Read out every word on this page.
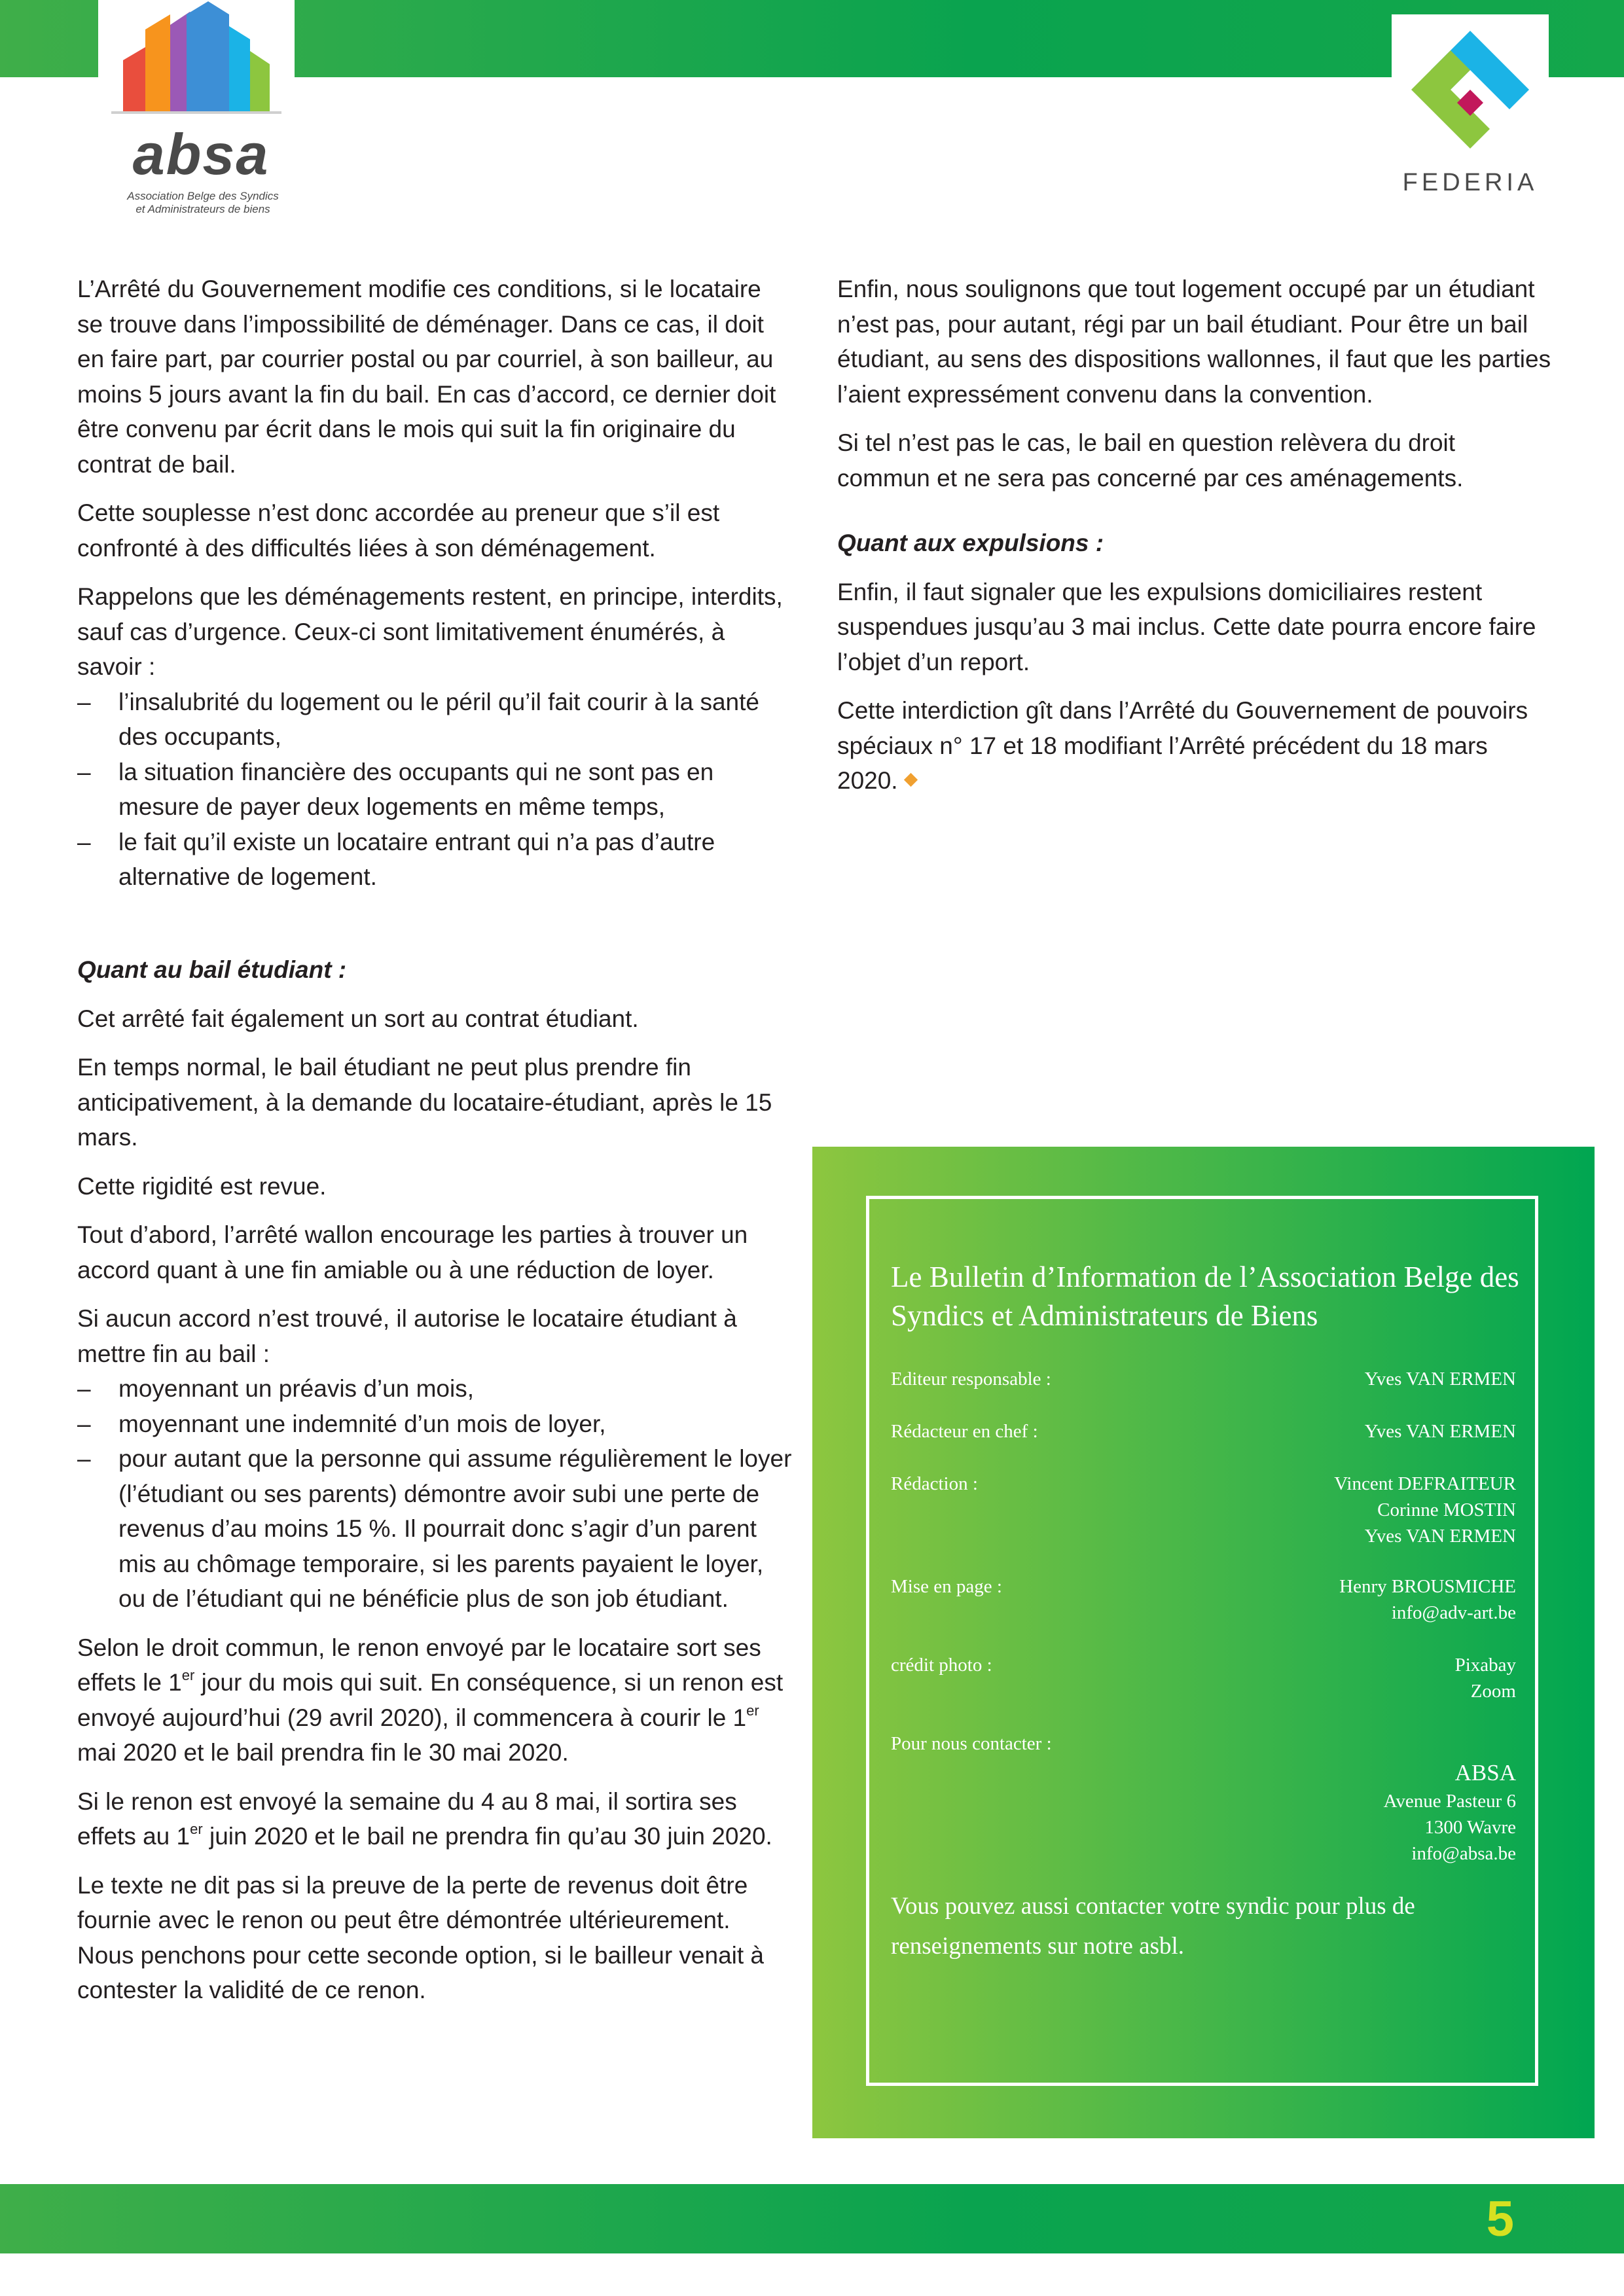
absa
Association Belge des Syndics
et Administrateurs de biens
FEDERIA

L’Arrêté du Gouvernement modifie ces conditions, si le locataire se trouve dans l’impossibilité de déménager. Dans ce cas, il doit en faire part, par courrier postal ou par courriel, à son bailleur, au moins 5 jours avant la fin du bail. En cas d’accord, ce dernier doit être convenu par écrit dans le mois qui suit la fin originaire du contrat de bail.

Cette souplesse n’est donc accordée au preneur que s’il est confronté à des difficultés liées à son déménagement.

Rappelons que les déménagements restent, en principe, interdits, sauf cas d’urgence. Ceux-ci sont limitativement énumérés, à savoir :

– l’insalubrité du logement ou le péril qu’il fait courir à la santé des occupants,
– la situation financière des occupants qui ne sont pas en mesure de payer deux logements en même temps,
– le fait qu’il existe un locataire entrant qui n’a pas d’autre alternative de logement.
Quant au bail étudiant :

Cet arrêté fait également un sort au contrat étudiant.

En temps normal, le bail étudiant ne peut plus prendre fin anticipativement, à la demande du locataire-étudiant, après le 15 mars.

Cette rigidité est revue.

Tout d’abord, l’arrêté wallon encourage les parties à trouver un accord quant à une fin amiable ou à une réduction de loyer.

Si aucun accord n’est trouvé, il autorise le locataire étudiant à mettre fin au bail :

– moyennant un préavis d’un mois,
– moyennant une indemnité d’un mois de loyer,
– pour autant que la personne qui assume régulièrement le loyer (l’étudiant ou ses parents) démontre avoir subi une perte de revenus d’au moins 15 %. Il pourrait donc s’agir d’un parent mis au chômage temporaire, si les parents payaient le loyer, ou de l’étudiant qui ne bénéficie plus de son job étudiant.

Selon le droit commun, le renon envoyé par le locataire sort ses effets le 1er jour du mois qui suit. En conséquence, si un renon est envoyé aujourd’hui (29 avril 2020), il commencera à courir le 1er mai 2020 et le bail prendra fin le 30 mai 2020.

Si le renon est envoyé la semaine du 4 au 8 mai, il sortira ses effets au 1er juin 2020 et le bail ne prendra fin qu’au 30 juin 2020.

Le texte ne dit pas si la preuve de la perte de revenus doit être fournie avec le renon ou peut être démontrée ultérieurement. Nous penchons pour cette seconde option, si le bailleur venait à contester la validité de ce renon.

Enfin, nous soulignons que tout logement occupé par un étudiant n’est pas, pour autant, régi par un bail étudiant. Pour être un bail étudiant, au sens des dispositions wallonnes, il faut que les parties l’aient expressément convenu dans la convention.

Si tel n’est pas le cas, le bail en question relèvera du droit commun et ne sera pas concerné par ces aménagements.

Quant aux expulsions :

Enfin, il faut signaler que les expulsions domiciliaires restent suspendues jusqu’au 3 mai inclus. Cette date pourra encore faire l’objet d’un report.

Cette interdiction gît dans l’Arrêté du Gouvernement de pouvoirs spéciaux n° 17 et 18 modifiant l’Arrêté précédent du 18 mars 2020.

Le Bulletin d’Information de l’Association Belge des Syndics et Administrateurs de Biens
Editeur responsable :	Yves VAN ERMEN
Rédacteur en chef :	Yves VAN ERMEN
Rédaction :	Vincent DEFRAITEUR
Corinne MOSTIN
Yves VAN ERMEN
Mise en page :	Henry BROUSMICHE
info@adv-art.be
crédit photo :	Pixabay
Zoom
Pour nous contacter :
ABSA
Avenue Pasteur 6
1300 Wavre
info@absa.be
Vous pouvez aussi contacter votre syndic pour plus de renseignements sur notre asbl.
5
